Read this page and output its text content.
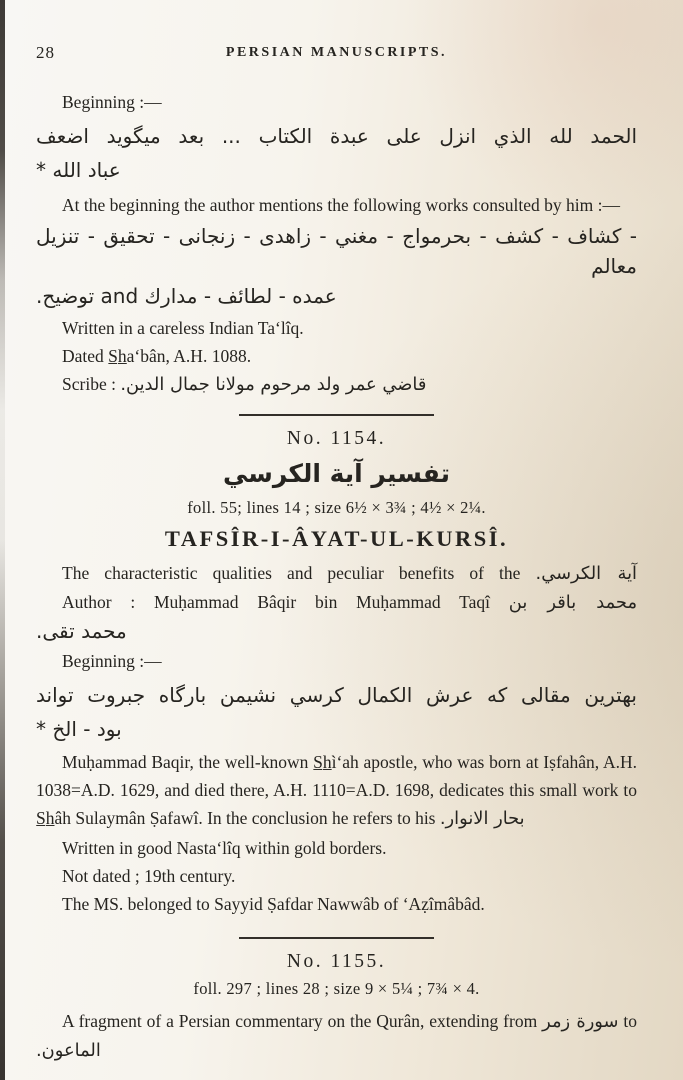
28	PERSIAN MANUSCRIPTS.
Beginning :—
الحمد لله الذي انزل على عبدة الكتاب ... بعد ميگويد اضعف
عباد الله *
At the beginning the author mentions the following works consulted by him :—
- كشاف - كشف - بحرمواج - مغني - زاهدى - زنجانى - تحقيق - تنزيل معالم
عمده - لطائف - مدارك and توضيح.
Written in a careless Indian Ta‘lîq.
Dated S̲h̲a‘bân, A.H. 1088.
Scribe : قاضي عمر ولد مرحوم مولانا جمال الدين.
No. 1154.
تفسير آية الكرسي
foll. 55; lines 14 ; size 6½ × 3¾ ; 4½ × 2¼.
TAFSÎR-I-ÂYAT-UL-KURSÎ.
The characteristic qualities and peculiar benefits of the آية الكرسي.
Author : Muḥammad Bâqir bin Muḥammad Taqî محمد باقر بن
محمد تقى.
Beginning :—
بهترين مقالى كه عرش الكمال كرسي نشيمن بارگاه جبروت تواند
بود - الخ *
Muḥammad Baqir, the well-known S̲h̲ì‘ah apostle, who was born at Iṣfahân, A.H. 1038=A.D. 1629, and died there, A.H. 1110=A.D. 1698, dedicates this small work to S̲h̲âh Sulaymân Ṣafawî. In the conclusion he refers to his بحار الانوار.
Written in good Nasta‘lîq within gold borders.
Not dated ; 19th century.
The MS. belonged to Sayyid Ṣafdar Nawwâb of ‘Aẓîmâbâd.
No. 1155.
foll. 297 ; lines 28 ; size 9 × 5¼ ; 7¾ × 4.
A fragment of a Persian commentary on the Qurân, extending from سورة زمر to الماعون.
